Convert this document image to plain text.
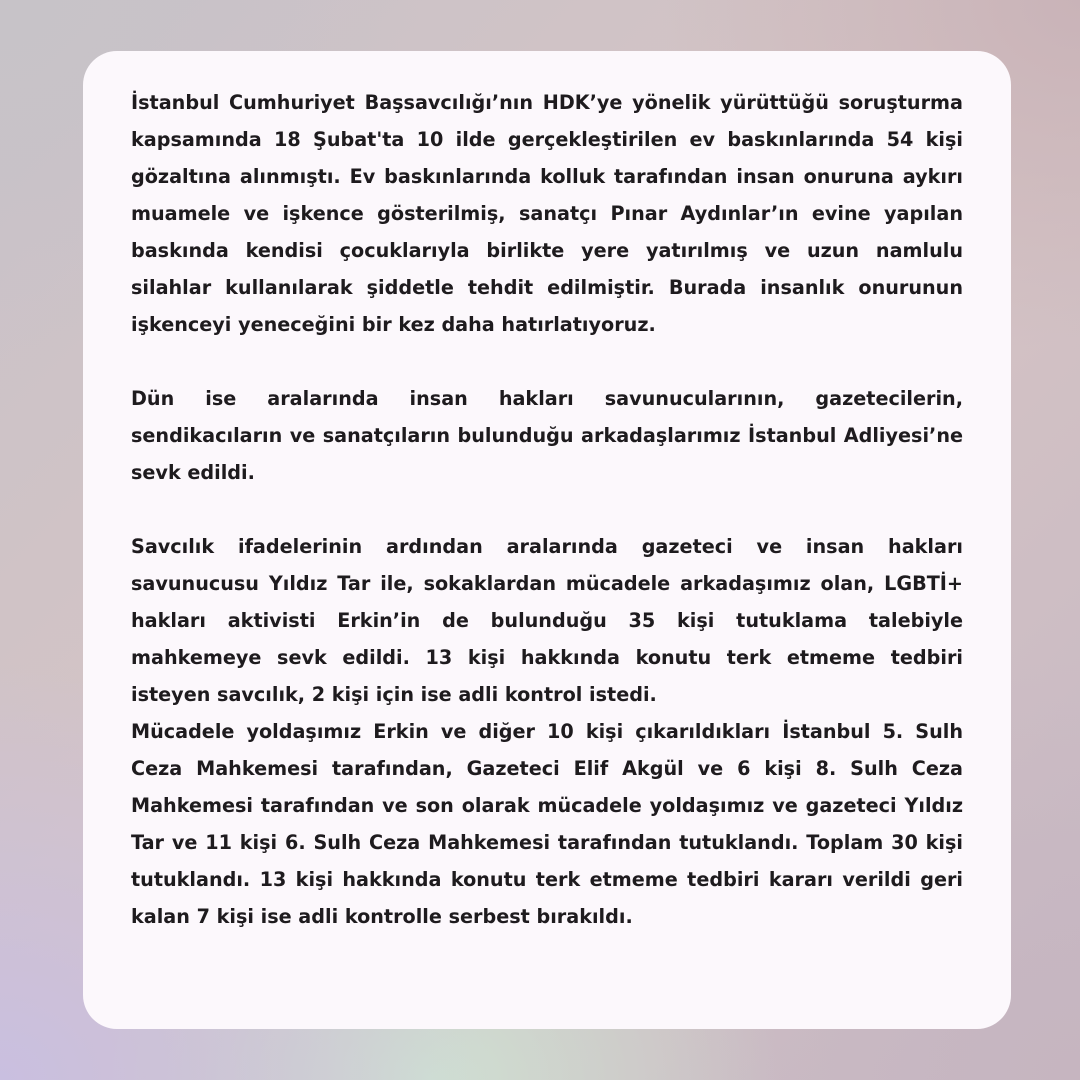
İstanbul Cumhuriyet Başsavcılığı’nın HDK’ye yönelik yürüttüğü soruşturma kapsamında 18 Şubat'ta 10 ilde gerçekleştirilen ev baskınlarında 54 kişi gözaltına alınmıştı. Ev baskınlarında kolluk tarafından insan onuruna aykırı muamele ve işkence gösterilmiş, sanatçı Pınar Aydınlar’ın evine yapılan baskında kendisi çocuklarıyla birlikte yere yatırılmış ve uzun namlulu silahlar kullanılarak şiddetle tehdit edilmiştir. Burada insanlık onurunun işkenceyi yeneceğini bir kez daha hatırlatıyoruz.

Dün ise aralarında insan hakları savunucularının, gazetecilerin, sendikacıların ve sanatçıların bulunduğu arkadaşlarımız İstanbul Adliyesi’ne sevk edildi.

Savcılık ifadelerinin ardından aralarında gazeteci ve insan hakları savunucusu Yıldız Tar ile, sokaklardan mücadele arkadaşımız olan, LGBTİ+ hakları aktivisti Erkin’in de bulunduğu 35 kişi tutuklama talebiyle mahkemeye sevk edildi. 13 kişi hakkında konutu terk etmeme tedbiri isteyen savcılık, 2 kişi için ise adli kontrol istedi.

Mücadele yoldaşımız Erkin ve diğer 10 kişi çıkarıldıkları İstanbul 5. Sulh Ceza Mahkemesi tarafından, Gazeteci Elif Akgül ve 6 kişi 8. Sulh Ceza Mahkemesi tarafından ve son olarak mücadele yoldaşımız ve gazeteci Yıldız Tar ve 11 kişi 6. Sulh Ceza Mahkemesi tarafından tutuklandı. Toplam 30 kişi tutuklandı. 13 kişi hakkında konutu terk etmeme tedbiri kararı verildi geri kalan 7 kişi ise adli kontrolle serbest bırakıldı.
